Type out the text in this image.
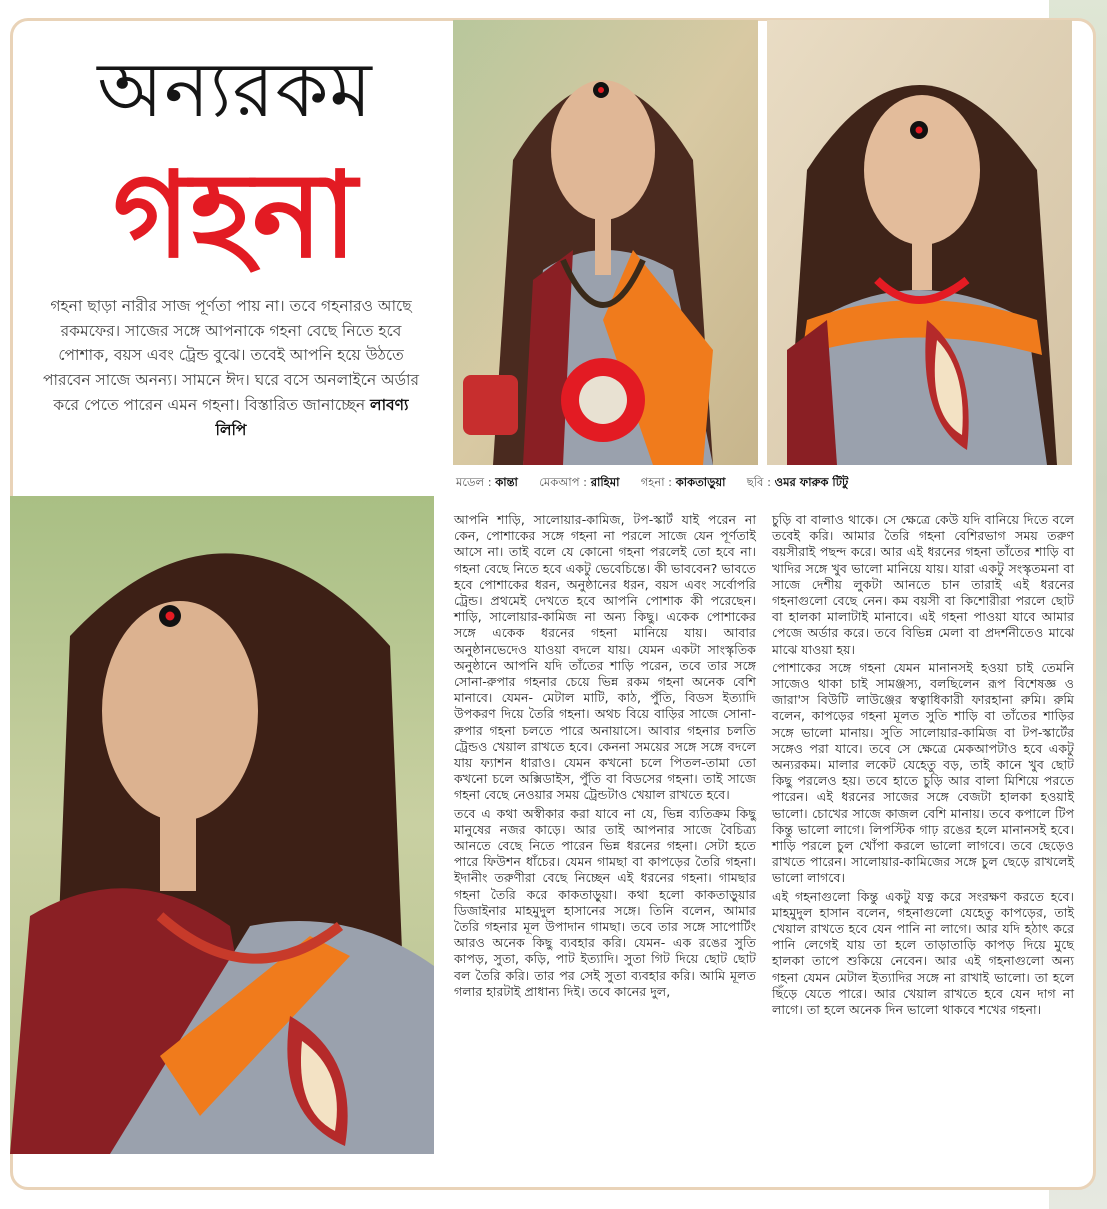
অন্যরকম
গহনা
গহনা ছাড়া নারীর সাজ পূর্ণতা পায় না। তবে গহনারও আছে রকমফের। সাজের সঙ্গে আপনাকে গহনা বেছে নিতে হবে পোশাক, বয়স এবং ট্রেন্ড বুঝে। তবেই আপনি হয়ে উঠতে পারবেন সাজে অনন্য। সামনে ঈদ। ঘরে বসে অনলাইনে অর্ডার করে পেতে পারেন এমন গহনা। বিস্তারিত জানাচ্ছেন লাবণ্য লিপি
মডেল : কান্তা মেকআপ : রাহিমা গহনা : কাকতাড়ুয়া ছবি : ওমর ফারুক টিটু

আপনি শাড়ি, সালোয়ার-কামিজ, টপ-স্কার্ট যাই পরেন না কেন, পোশাকের সঙ্গে গহনা না পরলে সাজে যেন পূর্ণতাই আসে না। তাই বলে যে কোনো গহনা পরলেই তো হবে না। গহনা বেছে নিতে হবে একটু ভেবেচিন্তে। কী ভাববেন? ভাবতে হবে পোশাকের ধরন, অনুষ্ঠানের ধরন, বয়স এবং সর্বোপরি ট্রেন্ড। প্রথমেই দেখতে হবে আপনি পোশাক কী পরেছেন। শাড়ি, সালোয়ার-কামিজ না অন্য কিছু। একেক পোশাকের সঙ্গে একেক ধরনের গহনা মানিয়ে যায়। আবার অনুষ্ঠানভেদেও যাওয়া বদলে যায়। যেমন একটা সাংস্কৃতিক অনুষ্ঠানে আপনি যদি তাঁতের শাড়ি পরেন, তবে তার সঙ্গে সোনা-রুপার গহনার চেয়ে ভিন্ন রকম গহনা অনেক বেশি মানাবে। যেমন- মেটাল মাটি, কাঠ, পুঁতি, বিডস ইত্যাদি উপকরণ দিয়ে তৈরি গহনা। অথচ বিয়ে বাড়ির সাজে সোনা-রুপার গহনা চলতে পারে অনায়াসে। আবার গহনার চলতি ট্রেন্ডও খেয়াল রাখতে হবে। কেননা সময়ের সঙ্গে সঙ্গে বদলে যায় ফ্যাশন ধারাও। যেমন কখনো চলে পিতল-তামা তো কখনো চলে অক্সিডাইস, পুঁতি বা বিডসের গহনা। তাই সাজে গহনা বেছে নেওয়ার সময় ট্রেন্ডটাও খেয়াল রাখতে হবে।

তবে এ কথা অস্বীকার করা যাবে না যে, ভিন্ন ব্যতিক্রম কিছু মানুষের নজর কাড়ে। আর তাই আপনার সাজে বৈচিত্র্য আনতে বেছে নিতে পারেন ভিন্ন ধরনের গহনা। সেটা হতে পারে ফিউশন ধাঁচের। যেমন গামছা বা কাপড়ের তৈরি গহনা। ইদানীং তরুণীরা বেছে নিচ্ছেন এই ধরনের গহনা। গামছার গহনা তৈরি করে কাকতাড়ুয়া। কথা হলো কাকতাড়ুয়ার ডিজাইনার মাহমুদুল হাসানের সঙ্গে। তিনি বলেন, আমার তৈরি গহনার মূল উপাদান গামছা। তবে তার সঙ্গে সাপোর্টিং আরও অনেক কিছু ব্যবহার করি। যেমন- এক রঙের সুতি কাপড়, সুতা, কড়ি, পাট ইত্যাদি। সুতা গিট দিয়ে ছোট ছোট বল তৈরি করি। তার পর সেই সুতা ব্যবহার করি। আমি মূলত গলার হারটাই প্রাধান্য দিই। তবে কানের দুল,

চুড়ি বা বালাও থাকে। সে ক্ষেত্রে কেউ যদি বানিয়ে দিতে বলে তবেই করি। আমার তৈরি গহনা বেশিরভাগ সময় তরুণ বয়সীরাই পছন্দ করে। আর এই ধরনের গহনা তাঁতের শাড়ি বা খাদির সঙ্গে খুব ভালো মানিয়ে যায়। যারা একটু সংস্কৃতমনা বা সাজে দেশীয় লুকটা আনতে চান তারাই এই ধরনের গহনাগুলো বেছে নেন। কম বয়সী বা কিশোরীরা পরলে ছোট বা হালকা মালাটাই মানাবে। এই গহনা পাওয়া যাবে আমার পেজে অর্ডার করে। তবে বিভিন্ন মেলা বা প্রদর্শনীতেও মাঝে মাঝে যাওয়া হয়।

পোশাকের সঙ্গে গহনা যেমন মানানসই হওয়া চাই তেমনি সাজেও থাকা চাই সামঞ্জস্য, বলছিলেন রূপ বিশেষজ্ঞ ও জারা'স বিউটি লাউঞ্জের স্বত্বাধিকারী ফারহানা রুমি। রুমি বলেন, কাপড়ের গহনা মূলত সুতি শাড়ি বা তাঁতের শাড়ির সঙ্গে ভালো মানায়। সুতি সালোয়ার-কামিজ বা টপ-স্কার্টের সঙ্গেও পরা যাবে। তবে সে ক্ষেত্রে মেকআপটাও হবে একটু অন্যরকম। মালার লকেট যেহেতু বড়, তাই কানে খুব ছোট কিছু পরলেও হয়। তবে হাতে চুড়ি আর বালা মিশিয়ে পরতে পারেন। এই ধরনের সাজের সঙ্গে বেজটা হালকা হওয়াই ভালো। চোখের সাজে কাজল বেশি মানায়। তবে কপালে টিপ কিন্তু ভালো লাগে। লিপস্টিক গাঢ় রঙের হলে মানানসই হবে। শাড়ি পরলে চুল খোঁপা করলে ভালো লাগবে। তবে ছেড়েও রাখতে পারেন। সালোয়ার-কামিজের সঙ্গে চুল ছেড়ে রাখলেই ভালো লাগবে।

এই গহনাগুলো কিন্তু একটু যত্ন করে সংরক্ষণ করতে হবে। মাহমুদুল হাসান বলেন, গহনাগুলো যেহেতু কাপড়ের, তাই খেয়াল রাখতে হবে যেন পানি না লাগে। আর যদি হঠাৎ করে পানি লেগেই যায় তা হলে তাড়াতাড়ি কাপড় দিয়ে মুছে হালকা তাপে শুকিয়ে নেবেন। আর এই গহনাগুলো অন্য গহনা যেমন মেটাল ইত্যাদির সঙ্গে না রাখাই ভালো। তা হলে ছিঁড়ে যেতে পারে। আর খেয়াল রাখতে হবে যেন দাগ না লাগে। তা হলে অনেক দিন ভালো থাকবে শখের গহনা।
